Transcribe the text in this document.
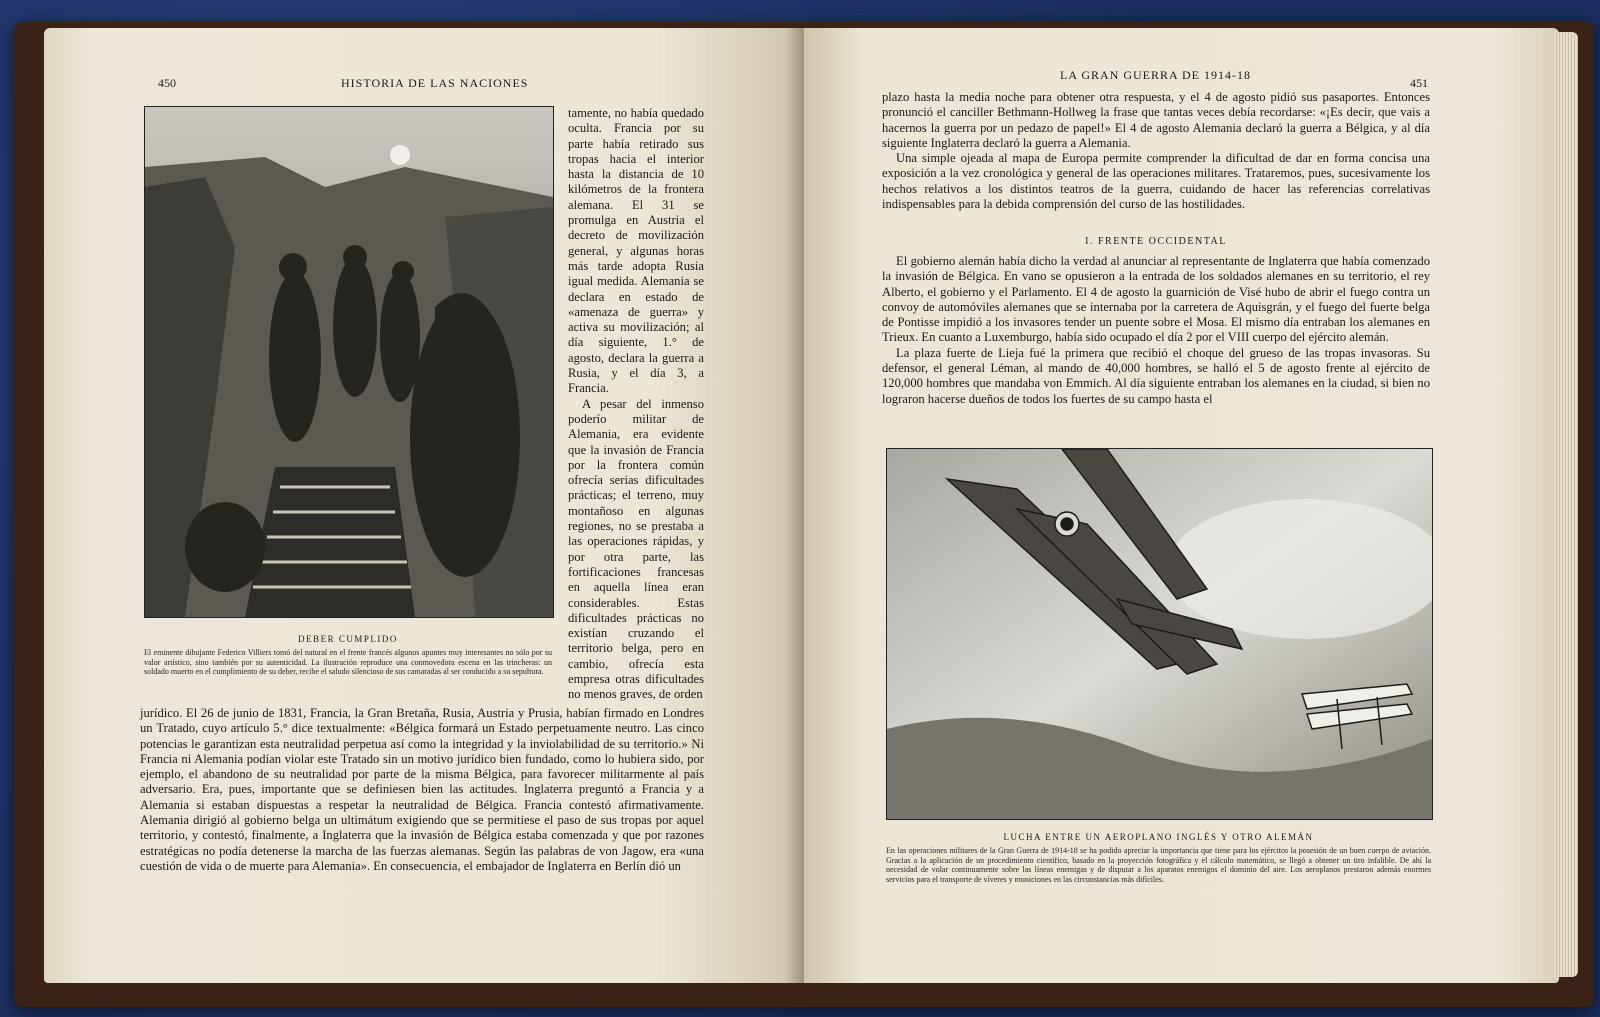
450	HISTORIA DE LAS NACIONES
DEBER CUMPLIDO
El eminente dibujante Federico Villiers tomó del natural en el frente francés algunos apuntes muy interesantes no sólo por su valor artístico, sino también por su autenticidad. La ilustración reproduce una conmovedora escena en las trincheras: un soldado muerto en el cumplimiento de su deber, recibe el saludo silencioso de sus camaradas al ser conducido a su sepultura.

tamente, no había quedado oculta. Francia por su parte había retirado sus tropas hacia el interior hasta la distancia de 10 kilómetros de la frontera alemana. El 31 se promulga en Austria el decreto de movilización general, y algunas horas más tarde adopta Rusia igual medida. Alemania se declara en estado de «amenaza de guerra» y activa su movilización; al día siguiente, 1.° de agosto, declara la guerra a Rusia, y el día 3, a Francia.

A pesar del inmenso poderío militar de Alemania, era evidente que la invasión de Francia por la frontera común ofrecía serias dificultades prácticas; el terreno, muy montañoso en algunas regiones, no se prestaba a las operaciones rápidas, y por otra parte, las fortificaciones francesas en aquella línea eran considerables. Estas dificultades prácticas no existían cruzando el territorio belga, pero en cambio, ofrecía esta empresa otras dificultades no menos graves, de orden

jurídico. El 26 de junio de 1831, Francia, la Gran Bretaña, Rusia, Austria y Prusia, habían firmado en Londres un Tratado, cuyo artículo 5.° dice textualmente: «Bélgica formará un Estado perpetuamente neutro. Las cinco potencias le garantizan esta neutralidad perpetua así como la integridad y la inviolabilidad de su territorio.» Ni Francia ni Alemania podían violar este Tratado sin un motivo jurídico bien fundado, como lo hubiera sido, por ejemplo, el abandono de su neutralidad por parte de la misma Bélgica, para favorecer militarmente al país adversario. Era, pues, importante que se definiesen bien las actitudes. Inglaterra preguntó a Francia y a Alemania si estaban dispuestas a respetar la neutralidad de Bélgica. Francia contestó afirmativamente. Alemania dirigió al gobierno belga un ultimátum exigiendo que se permitiese el paso de sus tropas por aquel territorio, y contestó, finalmente, a Inglaterra que la invasión de Bélgica estaba comenzada y que por razones estratégicas no podía detenerse la marcha de las fuerzas alemanas. Según las palabras de von Jagow, era «una cuestión de vida o de muerte para Alemania». En consecuencia, el embajador de Inglaterra en Berlín dió un

LA GRAN GUERRA DE 1914-18
451

plazo hasta la media noche para obtener otra respuesta, y el 4 de agosto pidió sus pasaportes. Entonces pronunció el canciller Bethmann-Hollweg la frase que tantas veces debía recordarse: «¡Es decir, que vais a hacernos la guerra por un pedazo de papel!» El 4 de agosto Alemania declaró la guerra a Bélgica, y al día siguiente Inglaterra declaró la guerra a Alemania.

Una simple ojeada al mapa de Europa permite comprender la dificultad de dar en forma concisa una exposición a la vez cronológica y general de las operaciones militares. Trataremos, pues, sucesivamente los hechos relativos a los distintos teatros de la guerra, cuidando de hacer las referencias correlativas indispensables para la debida comprensión del curso de las hostilidades.

I. FRENTE OCCIDENTAL

El gobierno alemán había dicho la verdad al anunciar al representante de Inglaterra que había comenzado la invasión de Bélgica. En vano se opusieron a la entrada de los soldados alemanes en su territorio, el rey Alberto, el gobierno y el Parlamento. El 4 de agosto la guarnición de Visé hubo de abrir el fuego contra un convoy de automóviles alemanes que se internaba por la carretera de Aquisgrán, y el fuego del fuerte belga de Pontisse impidió a los invasores tender un puente sobre el Mosa. El mismo día entraban los alemanes en Trieux. En cuanto a Luxemburgo, había sido ocupado el día 2 por el VIII cuerpo del ejército alemán.

La plaza fuerte de Lieja fué la primera que recibió el choque del grueso de las tropas invasoras. Su defensor, el general Léman, al mando de 40,000 hombres, se halló el 5 de agosto frente al ejército de 120,000 hombres que mandaba von Emmich. Al día siguiente entraban los alemanes en la ciudad, si bien no lograron hacerse dueños de todos los fuertes de su campo hasta el

LUCHA ENTRE UN AEROPLANO INGLÉS Y OTRO ALEMÁN
En las operaciones militares de la Gran Guerra de 1914-18 se ha podido apreciar la importancia que tiene para los ejércitos la posesión de un buen cuerpo de aviación. Gracias a la aplicación de un procedimiento científico, basado en la proyección fotográfica y el cálculo matemático, se llegó a obtener un tiro infalible. De ahí la necesidad de volar continuamente sobre las líneas enemigas y de disputar a los aparatos enemigos el dominio del aire. Los aeroplanos prestaron además enormes servicios para el transporte de víveres y municiones en las circunstancias más difíciles.
